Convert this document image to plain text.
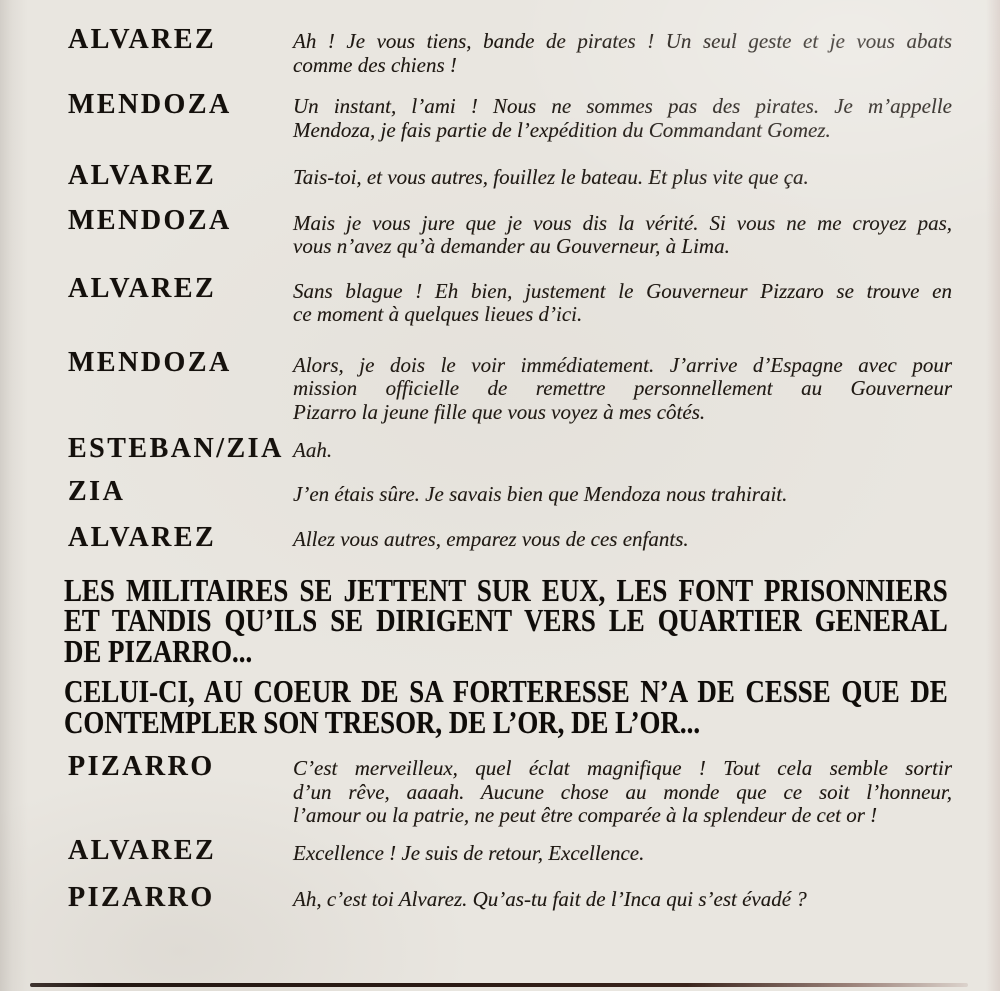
ALVAREZ	Ah ! Je vous tiens, bande de pirates ! Un seul geste et je vous abats
comme des chiens !
MENDOZA	Un instant, l’ami ! Nous ne sommes pas des pirates. Je m’appelle
Mendoza, je fais partie de l’expédition du Commandant Gomez.
ALVAREZ	Tais-toi, et vous autres, fouillez le bateau. Et plus vite que ça.
MENDOZA	Mais je vous jure que je vous dis la vérité. Si vous ne me croyez pas,
vous n’avez qu’à demander au Gouverneur, à Lima.
ALVAREZ	Sans blague ! Eh bien, justement le Gouverneur Pizzaro se trouve en
ce moment à quelques lieues d’ici.
MENDOZA	Alors, je dois le voir immédiatement. J’arrive d’Espagne avec pour
mission officielle de remettre personnellement au Gouverneur
Pizarro la jeune fille que vous voyez à mes côtés.
ESTEBAN/ZIA Aah.
ZIA	J’en étais sûre. Je savais bien que Mendoza nous trahirait.
ALVAREZ	Allez vous autres, emparez vous de ces enfants.
LES MILITAIRES SE JETTENT SUR EUX, LES FONT PRISONNIERS
ET TANDIS QU’ILS SE DIRIGENT VERS LE QUARTIER GENERAL
DE PIZARRO...
CELUI-CI, AU COEUR DE SA FORTERESSE N’A DE CESSE QUE DE
CONTEMPLER SON TRESOR, DE L’OR, DE L’OR...
PIZARRO	C’est merveilleux, quel éclat magnifique ! Tout cela semble sortir
d’un rêve, aaaah. Aucune chose au monde que ce soit l’honneur,
l’amour ou la patrie, ne peut être comparée à la splendeur de cet or !
ALVAREZ	Excellence ! Je suis de retour, Excellence.
PIZARRO	Ah, c’est toi Alvarez. Qu’as-tu fait de l’Inca qui s’est évadé ?
